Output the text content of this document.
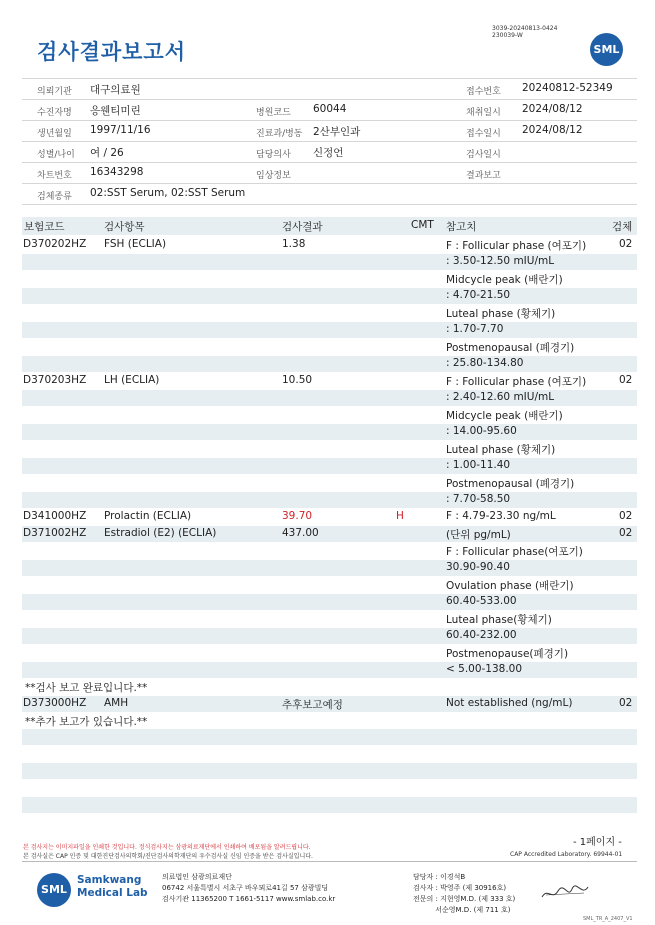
검사결과보고서
3039-20240813-0424
230039-W
SML
의뢰기관 대구의료원	접수번호 20240812-52349
수진자명 응웬티미린	병원코드 60044	채취일시 2024/08/12
생년월일 1997/11/16	진료과/병동 2산부인과	접수일시 2024/08/12
성별/나이 여 / 26	담당의사 신정언	검사일시
차트번호 16343298	임상정보	결과보고
검체종류 02:SST Serum, 02:SST Serum
보험코드	검사항목	검사결과	CMT 참고치	검체
D370202HZ FSH (ECLIA)	1.38	F : Follicular phase (여포기)	02
: 3.50-12.50 mIU/mL
Midcycle peak (배란기)
: 4.70-21.50
Luteal phase (황체기)
: 1.70-7.70
Postmenopausal (폐경기)
: 25.80-134.80
D370203HZ LH (ECLIA)	10.50	F : Follicular phase (여포기)	02
: 2.40-12.60 mIU/mL
Midcycle peak (배란기)
: 14.00-95.60
Luteal phase (황체기)
: 1.00-11.40
Postmenopausal (폐경기)
: 7.70-58.50
D341000HZ Prolactin (ECLIA)	39.70	H	F : 4.79-23.30 ng/mL	02
D371002HZ Estradiol (E2) (ECLIA)	437.00	(단위 pg/mL)	02
F : Follicular phase(여포기)
30.90-90.40
Ovulation phase (배란기)
60.40-533.00
Luteal phase(황체기)
60.40-232.00
Postmenopause(폐경기)
< 5.00-138.00
**검사 보고 완료입니다.**
D373000HZ AMH	추후보고예정	Not established (ng/mL)	02
**추가 보고가 있습니다.**
- 1페이지 -
본 검사지는 이미지파일을 인쇄한 것입니다. 정식검사지는 삼광의료재단에서 인쇄하여 배포됨을 알려드립니다.
본 검사실은 CAP 인증 및 대한진단검사의학회/진단검사의학재단의 우수검사실 신임 인증을 받은 검사실입니다.	CAP Accredited Laboratory. 69944-01
SML
Samkwang
Medical Lab
의료법인 삼광의료재단
06742 서울특별시 서초구 바우뫼로41길 57 삼광빌딩
검사기관 11365200 T 1661-5117 www.smlab.co.kr
담당자 : 이경석B
검사자 : 박영주 (제 30916호)
전문의 : 지현영M.D. (제 333 호)
서순영M.D. (제 711 호)
SML_TR_A_2407_V1
